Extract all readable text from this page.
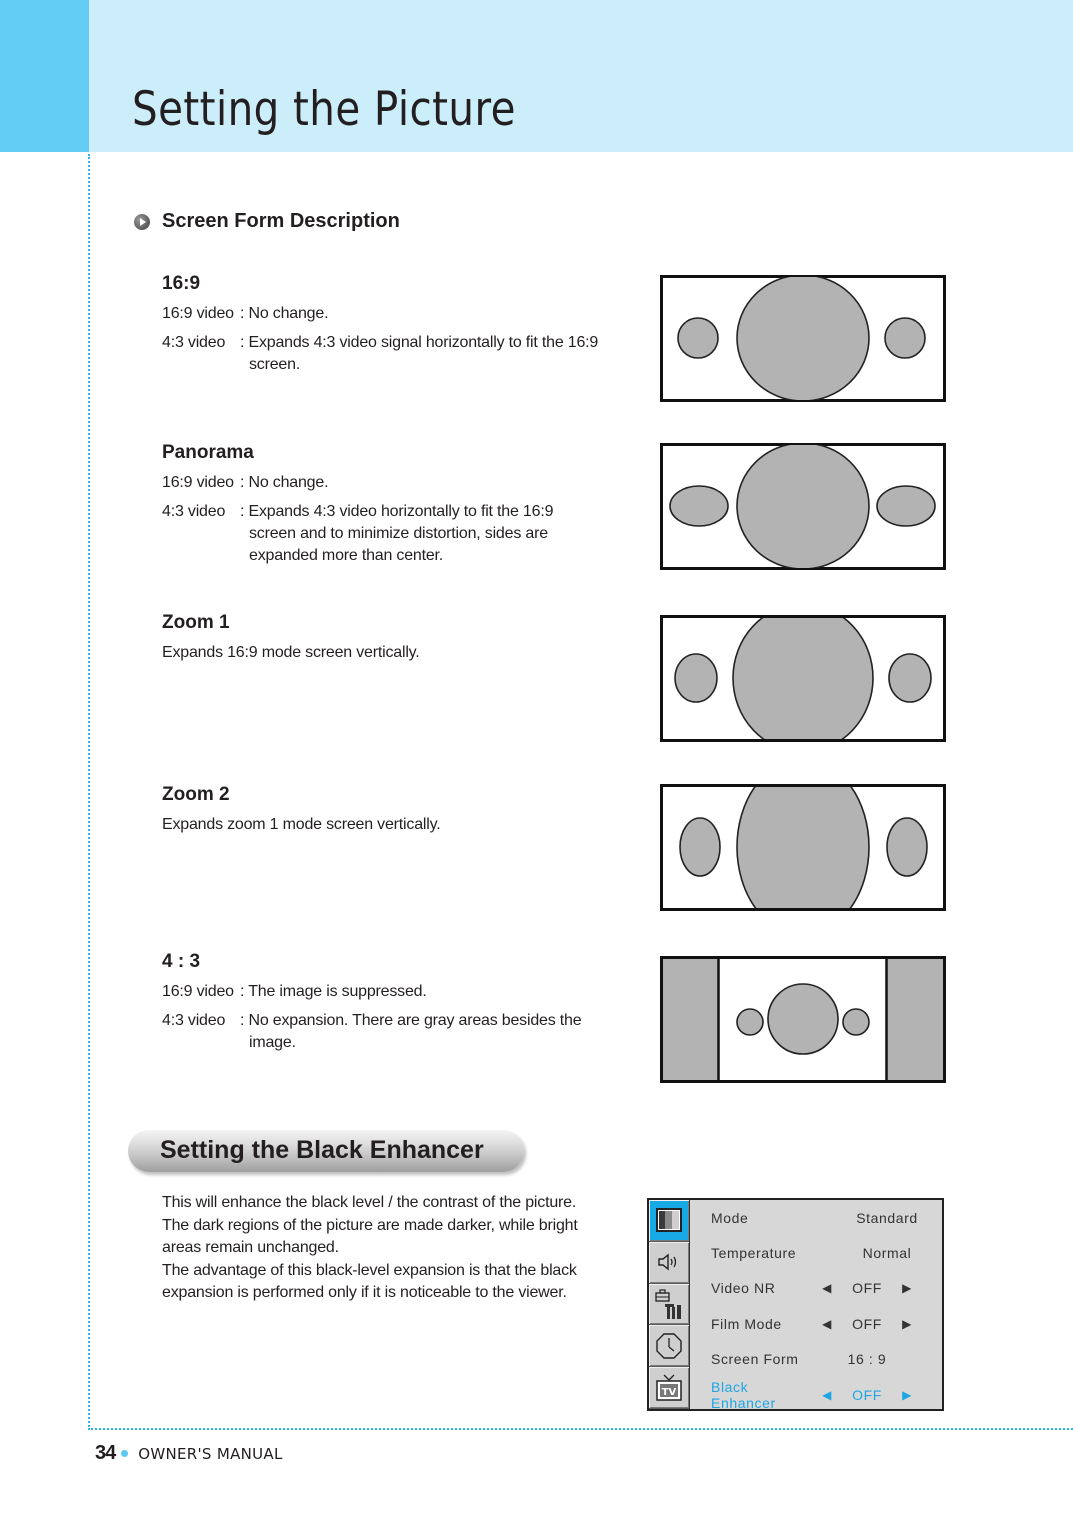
Setting the Picture
Screen Form Description
16:9
16:9 video : No change.
4:3 video : Expands 4:3 video signal horizontally to fit the 16:9 screen.
Panorama
16:9 video : No change.
4:3 video : Expands 4:3 video horizontally to fit the 16:9 screen and to minimize distortion, sides are expanded more than center.
Zoom 1
Expands 16:9 mode screen vertically.
Zoom 2
Expands zoom 1 mode screen vertically.
4 : 3
16:9 video : The image is suppressed.
4:3 video : No expansion. There are gray areas besides the image.
Setting the Black Enhancer

This will enhance the black level / the contrast of the picture. The dark regions of the picture are made darker, while bright areas remain unchanged.

The advantage of this black-level expansion is that the black expansion is performed only if it is noticeable to the viewer.

TV
Mode	Standard
Temperature	Normal
Video NR	◀	OFF	▶
Film Mode	◀	OFF	▶
Screen Form	16 : 9
Black Enhancer	◀	OFF	▶
34 OWNER'S MANUAL
